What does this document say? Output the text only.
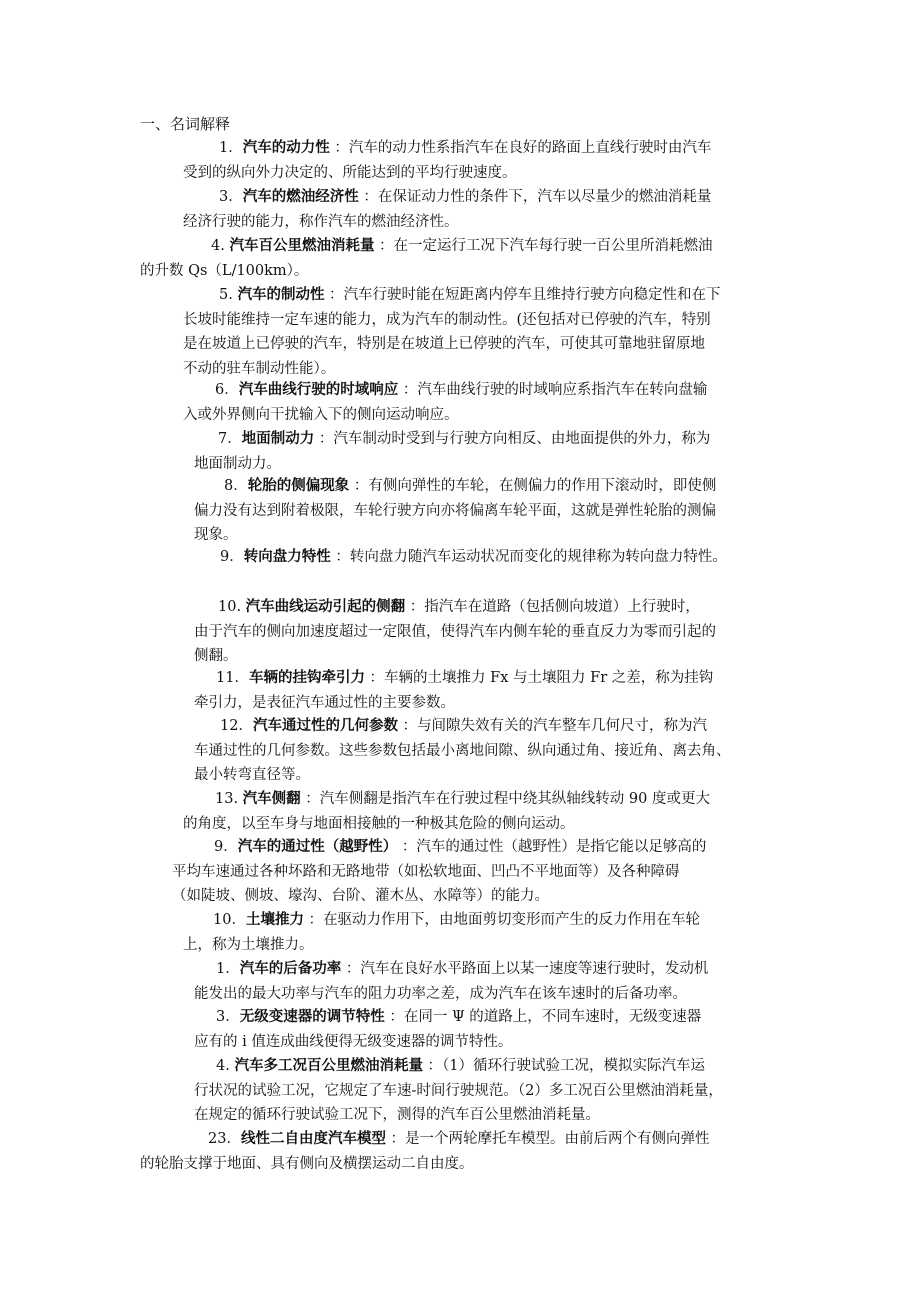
一、名词解释

1．汽车的动力性 ：汽车的动力性系指汽车在良好的路面上直线行驶时由汽车

受到的纵向外力决定的、所能达到的平均行驶速度。

3．汽车的燃油经济性 ：在保证动力性的条件下，汽车以尽量少的燃油消耗量

经济行驶的能力，称作汽车的燃油经济性。

4. 汽车百公里燃油消耗量 ：在一定运行工况下汽车每行驶一百公里所消耗燃油

的升数 Qs（L/100km）。

5. 汽车的制动性 ：汽车行驶时能在短距离内停车且维持行驶方向稳定性和在下

长坡时能维持一定车速的能力，成为汽车的制动性。(还包括对已停驶的汽车，特别

是在坡道上已停驶的汽车，特别是在坡道上已停驶的汽车，可使其可靠地驻留原地

不动的驻车制动性能）。

6．汽车曲线行驶的时域响应 ：汽车曲线行驶的时域响应系指汽车在转向盘输

入或外界侧向干扰输入下的侧向运动响应。

7．地面制动力 ：汽车制动时受到与行驶方向相反、由地面提供的外力，称为

地面制动力。

8．轮胎的侧偏现象 ：有侧向弹性的车轮，在侧偏力的作用下滚动时，即使侧

偏力没有达到附着极限，车轮行驶方向亦将偏离车轮平面，这就是弹性轮胎的测偏

现象。

9．转向盘力特性 ：转向盘力随汽车运动状况而变化的规律称为转向盘力特性。

10. 汽车曲线运动引起的侧翻 ：指汽车在道路（包括侧向坡道）上行驶时，

由于汽车的侧向加速度超过一定限值，使得汽车内侧车轮的垂直反力为零而引起的

侧翻。

11．车辆的挂钩牵引力 ：车辆的土壤推力 Fx 与土壤阻力 Fr 之差，称为挂钩

牵引力，是表征汽车通过性的主要参数。

12．汽车通过性的几何参数 ：与间隙失效有关的汽车整车几何尺寸，称为汽

车通过性的几何参数。这些参数包括最小离地间隙、纵向通过角、接近角、离去角、

最小转弯直径等。

13. 汽车侧翻 ：汽车侧翻是指汽车在行驶过程中绕其纵轴线转动 90 度或更大

的角度，以至车身与地面相接触的一种极其危险的侧向运动。

9．汽车的通过性（越野性） ：汽车的通过性（越野性）是指它能以足够高的

平均车速通过各种坏路和无路地带（如松软地面、凹凸不平地面等）及各种障碍

（如陡坡、侧坡、壕沟、台阶、灌木丛、水障等）的能力。

10．土壤推力 ：在驱动力作用下，由地面剪切变形而产生的反力作用在车轮

上，称为土壤推力。

1．汽车的后备功率 ：汽车在良好水平路面上以某一速度等速行驶时，发动机

能发出的最大功率与汽车的阻力功率之差，成为汽车在该车速时的后备功率。

3．无级变速器的调节特性 ：在同一 Ψ 的道路上，不同车速时，无级变速器

应有的 i 值连成曲线便得无级变速器的调节特性。

4. 汽车多工况百公里燃油消耗量 ：（1）循环行驶试验工况，模拟实际汽车运

行状况的试验工况，它规定了车速-时间行驶规范。（2）多工况百公里燃油消耗量，

在规定的循环行驶试验工况下，测得的汽车百公里燃油消耗量。

23．线性二自由度汽车模型 ：是一个两轮摩托车模型。由前后两个有侧向弹性

的轮胎支撑于地面、具有侧向及横摆运动二自由度。
